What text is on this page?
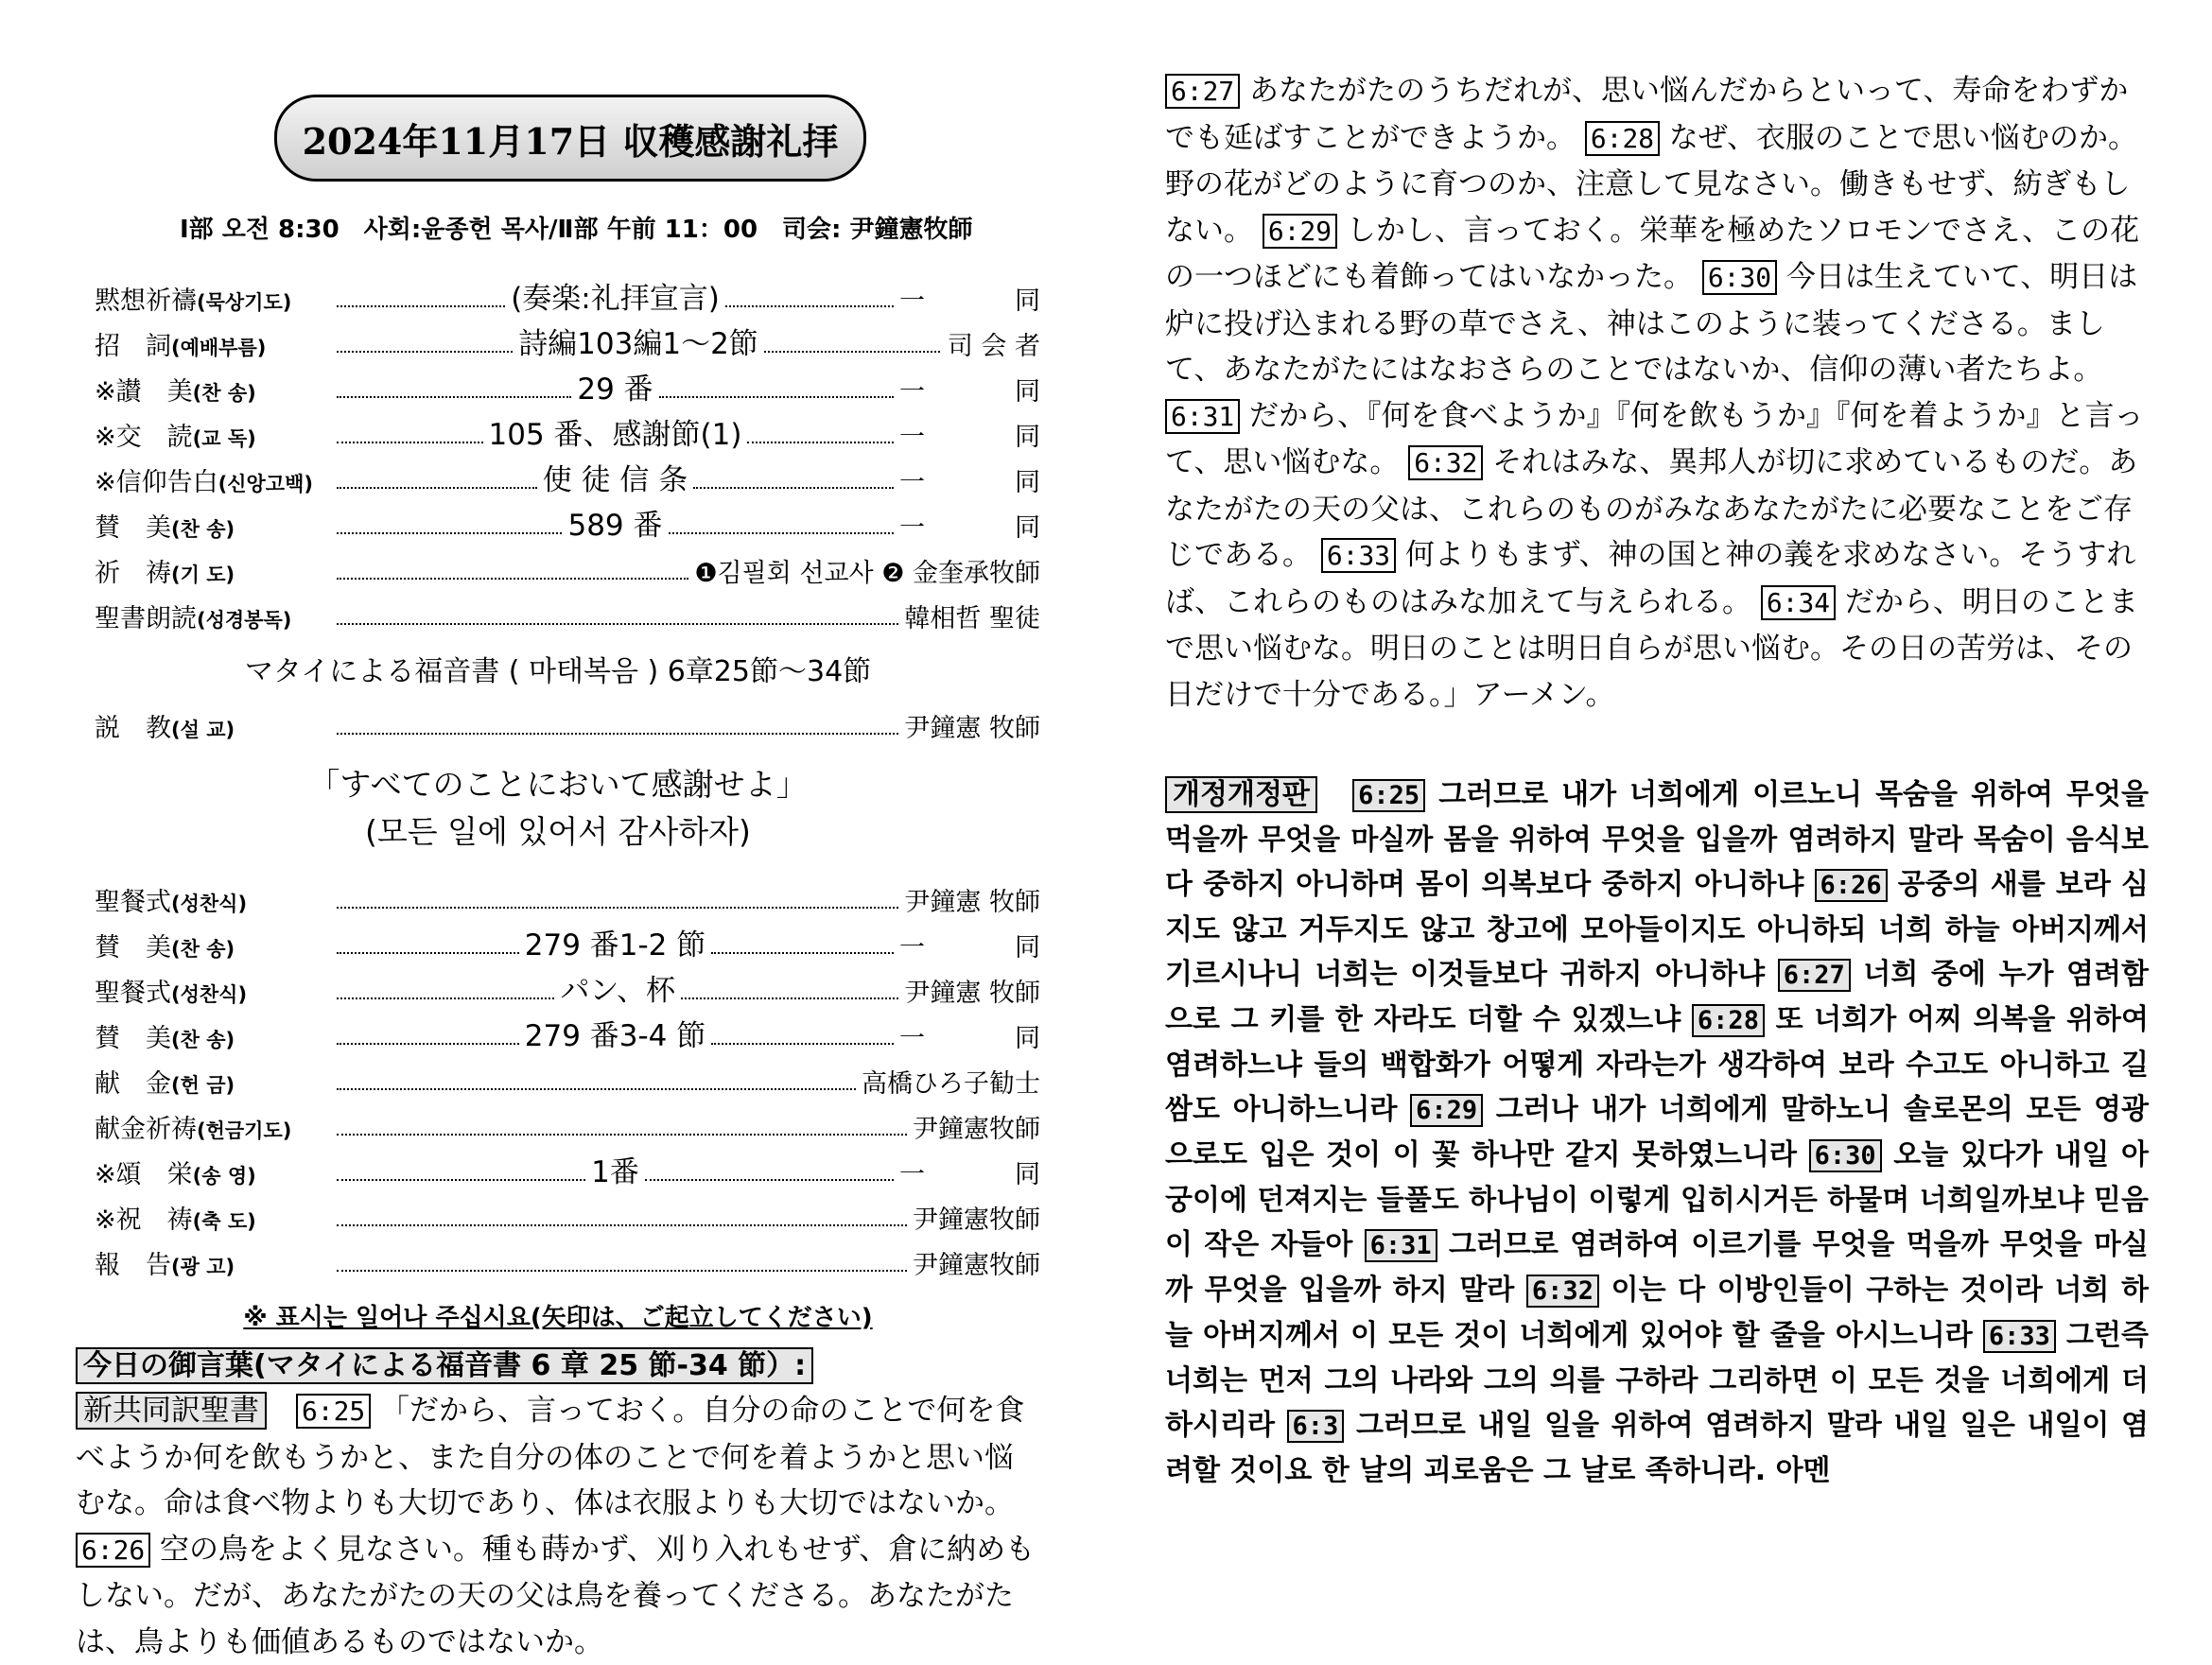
2024年11月17日 収穫感謝礼拝
Ⅰ部 오전 8:30　사회:윤종헌 목사/Ⅱ部 午前 11：00　司会: 尹鐘憲牧師
黙想祈禱(묵상기도)	(奏楽:礼拝宣言)	一　同
招　詞(예배부름)	詩編103編1〜2節	司 会 者
※讃　美(찬 송)	29 番	一　同
※交　読(교 독)	105 番、感謝節(1)	一　同
※信仰告白(신앙고백)	使 徒 信 条	一　同
賛　美(찬 송)	589 番	一　同
祈　祷(기 도)	❶김필회 선교사 ❷ 金奎承牧師
聖書朗読(성경봉독)	韓相哲 聖徒
マタイによる福音書 ( 마태복음 ) 6章25節〜34節
説　教(설 교)	尹鐘憲 牧師
「すべてのことにおいて感謝せよ」
(모든 일에 있어서 감사하자)
聖餐式(성찬식)	尹鐘憲 牧師
賛　美(찬 송)	279 番1-2 節	一　同
聖餐式(성찬식)	パン、杯	尹鐘憲 牧師
賛　美(찬 송)	279 番3-4 節	一　同
献　金(헌 금)	高橋ひろ子勧士
献金祈祷(헌금기도)	尹鐘憲牧師
※頌　栄(송 영)	1番	一　同
※祝　祷(축 도)	尹鐘憲牧師
報　告(광 고)	尹鐘憲牧師
※ 표시는 일어나 주십시요(矢印は、ご起立してください)
今日の御言葉(マタイによる福音書 6 章 25 節-34 節）:
新共同訳聖書　 6:25 「だから、言っておく。自分の命のことで何を食べようか何を飲もうかと、また自分の体のことで何を着ようかと思い悩むな。命は食べ物よりも大切であり、体は衣服よりも大切ではないか。 6:26 空の鳥をよく見なさい。種も蒔かず、刈り入れもせず、倉に納めもしない。だが、あなたがたの天の父は鳥を養ってくださる。あなたがたは、鳥よりも価値あるものではないか。
6:27 あなたがたのうちだれが、思い悩んだからといって、寿命をわずかでも延ばすことができようか。 6:28 なぜ、衣服のことで思い悩むのか。野の花がどのように育つのか、注意して見なさい。働きもせず、紡ぎもしない。 6:29 しかし、言っておく。栄華を極めたソロモンでさえ、この花の一つほどにも着飾ってはいなかった。 6:30 今日は生えていて、明日は炉に投げ込まれる野の草でさえ、神はこのように装ってくださる。まして、あなたがたにはなおさらのことではないか、信仰の薄い者たちよ。 6:31 だから、『何を食べようか』『何を飲もうか』『何を着ようか』と言って、思い悩むな。 6:32 それはみな、異邦人が切に求めているものだ。あなたがたの天の父は、これらのものがみなあなたがたに必要なことをご存じである。 6:33 何よりもまず、神の国と神の義を求めなさい。そうすれば、これらのものはみな加えて与えられる。 6:34 だから、明日のことまで思い悩むな。明日のことは明日自らが思い悩む。その日の苦労は、その日だけで十分である。」アーメン。
개정개정판　 6:25 그러므로 내가 너희에게 이르노니 목숨을 위하여 무엇을 먹을까 무엇을 마실까 몸을 위하여 무엇을 입을까 염려하지 말라 목숨이 음식보다 중하지 아니하며 몸이 의복보다 중하지 아니하냐 6:26 공중의 새를 보라 심지도 않고 거두지도 않고 창고에 모아들이지도 아니하되 너희 하늘 아버지께서 기르시나니 너희는 이것들보다 귀하지 아니하냐 6:27 너희 중에 누가 염려함으로 그 키를 한 자라도 더할 수 있겠느냐 6:28 또 너희가 어찌 의복을 위하여 염려하느냐 들의 백합화가 어떻게 자라는가 생각하여 보라 수고도 아니하고 길쌈도 아니하느니라 6:29 그러나 내가 너희에게 말하노니 솔로몬의 모든 영광으로도 입은 것이 이 꽃 하나만 같지 못하였느니라 6:30 오늘 있다가 내일 아궁이에 던져지는 들풀도 하나님이 이렇게 입히시거든 하물며 너희일까보냐 믿음이 작은 자들아 6:31 그러므로 염려하여 이르기를 무엇을 먹을까 무엇을 마실까 무엇을 입을까 하지 말라 6:32 이는 다 이방인들이 구하는 것이라 너희 하늘 아버지께서 이 모든 것이 너희에게 있어야 할 줄을 아시느니라 6:33 그런즉 너희는 먼저 그의 나라와 그의 의를 구하라 그리하면 이 모든 것을 너희에게 더하시리라 6:3 그러므로 내일 일을 위하여 염려하지 말라 내일 일은 내일이 염려할 것이요 한 날의 괴로움은 그 날로 족하니라. 아멘
